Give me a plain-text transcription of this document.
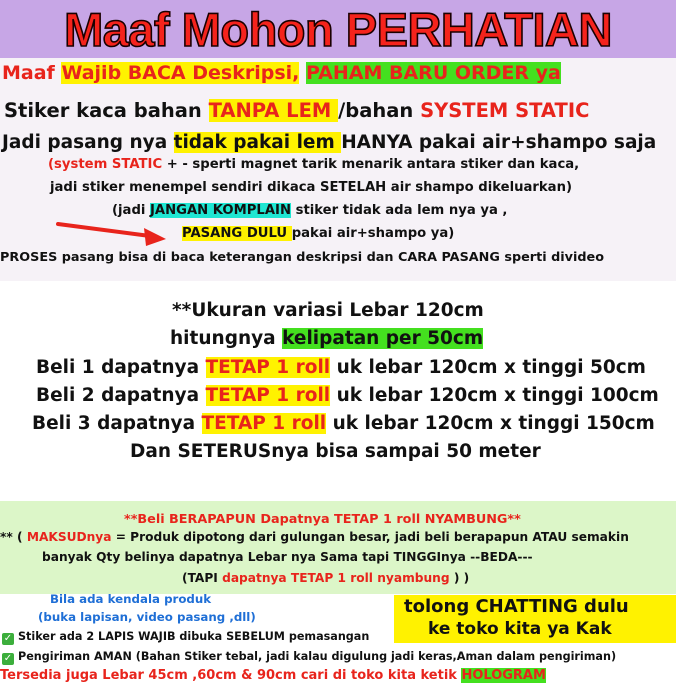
Maaf Mohon PERHATIAN
Maaf Wajib BACA Deskripsi, PAHAM BARU ORDER ya
Stiker kaca bahan TANPA LEM /bahan SYSTEM STATIC
Jadi pasang nya tidak pakai lem HANYA pakai air+shampo saja
(system STATIC + - sperti magnet tarik menarik antara stiker dan kaca,
jadi stiker menempel sendiri dikaca SETELAH air shampo dikeluarkan)
(jadi JANGAN KOMPLAIN stiker tidak ada lem nya ya ,
PASANG DULU pakai air+shampo ya)
PROSES pasang bisa di baca keterangan deskripsi dan CARA PASANG sperti divideo
**Ukuran variasi Lebar 120cm
hitungnya kelipatan per 50cm
Beli 1 dapatnya TETAP 1 roll uk lebar 120cm x tinggi 50cm
Beli 2 dapatnya TETAP 1 roll uk lebar 120cm x tinggi 100cm
Beli 3 dapatnya TETAP 1 roll uk lebar 120cm x tinggi 150cm
Dan SETERUSnya bisa sampai 50 meter
**Beli BERAPAPUN Dapatnya TETAP 1 roll NYAMBUNG**
** ( MAKSUDnya = Produk dipotong dari gulungan besar, jadi beli berapapun ATAU semakin
banyak Qty belinya dapatnya Lebar nya Sama tapi TINGGInya --BEDA---
(TAPI dapatnya TETAP 1 roll nyambung ) )
Bila ada kendala produk
(buka lapisan, video pasang ,dll)	tolong CHATTING dulu
ke toko kita ya Kak
✓ Stiker ada 2 LAPIS WAJIB dibuka SEBELUM pemasangan
✓ Pengiriman AMAN (Bahan Stiker tebal, jadi kalau digulung jadi keras,Aman dalam pengiriman)
Tersedia juga Lebar 45cm ,60cm & 90cm cari di toko kita ketik HOLOGRAM
